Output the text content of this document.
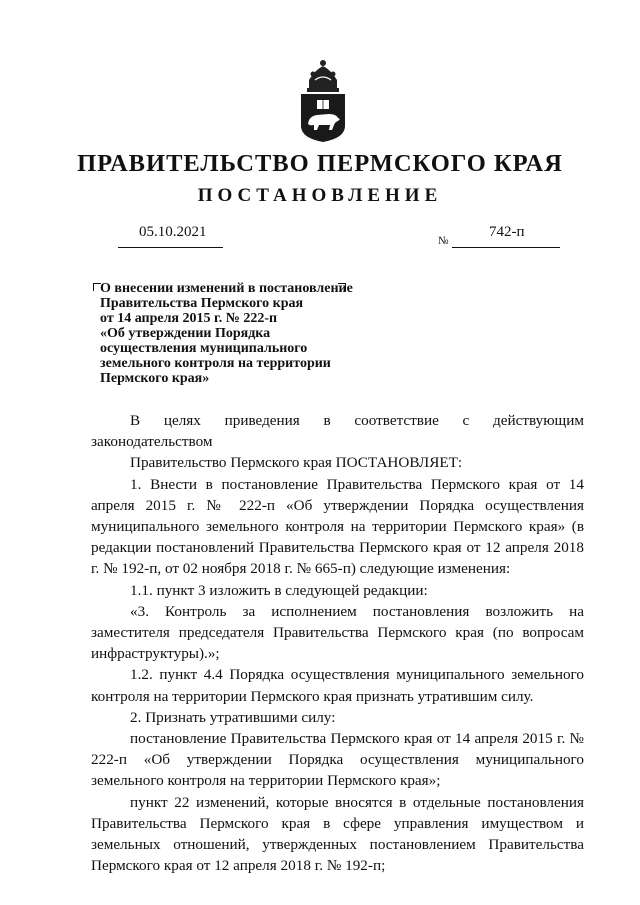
ПРАВИТЕЛЬСТВО ПЕРМСКОГО КРАЯ
ПОСТАНОВЛЕНИЕ
05.10.2021
№
742-п
О внесении изменений в постановление
Правительства Пермского края
от 14 апреля 2015 г. № 222-п
«Об утверждении Порядка
осуществления муниципального
земельного контроля на территории
Пермского края»

В целях приведения в соответствие с действующим законодательством

Правительство Пермского края ПОСТАНОВЛЯЕТ:

1. Внести в постановление Правительства Пермского края от 14 апреля 2015 г. № 222-п «Об утверждении Порядка осуществления муниципального земельного контроля на территории Пермского края» (в редакции постановлений Правительства Пермского края от 12 апреля 2018 г. № 192-п, от 02 ноября 2018 г. № 665-п) следующие изменения:

1.1. пункт 3 изложить в следующей редакции:

«3. Контроль за исполнением постановления возложить на заместителя председателя Правительства Пермского края (по вопросам инфраструктуры).»;

1.2. пункт 4.4 Порядка осуществления муниципального земельного контроля на территории Пермского края признать утратившим силу.

2. Признать утратившими силу:

постановление Правительства Пермского края от 14 апреля 2015 г. № 222-п «Об утверждении Порядка осуществления муниципального земельного контроля на территории Пермского края»;

пункт 22 изменений, которые вносятся в отдельные постановления Правительства Пермского края в сфере управления имуществом и земельных отношений, утвержденных постановлением Правительства Пермского края от 12 апреля 2018 г. № 192-п;
